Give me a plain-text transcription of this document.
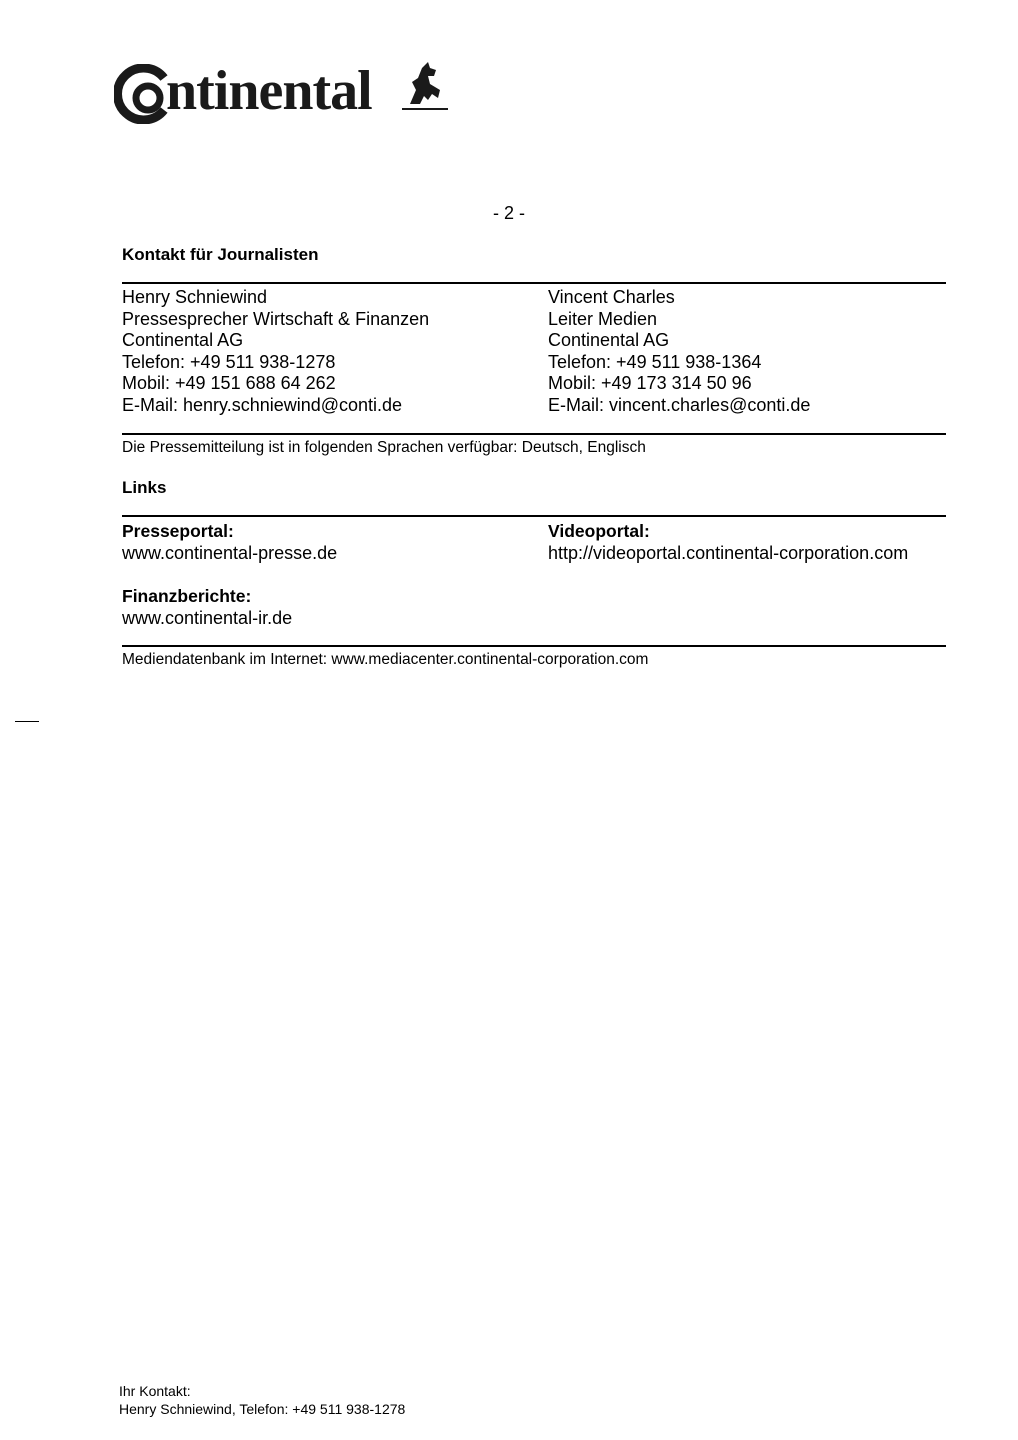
ntinental
- 2 -
Kontakt für Journalisten
Henry Schniewind
Pressesprecher Wirtschaft & Finanzen
Continental AG
Telefon: +49 511 938-1278
Mobil: +49 151 688 64 262
E-Mail: henry.schniewind@conti.de
Vincent Charles
Leiter Medien
Continental AG
Telefon: +49 511 938-1364
Mobil: +49 173 314 50 96
E-Mail: vincent.charles@conti.de
Die Pressemitteilung ist in folgenden Sprachen verfügbar: Deutsch, Englisch
Links
Presseportal:
www.continental-presse.de
Videoportal:
http://videoportal.continental-corporation.com
Finanzberichte:
www.continental-ir.de
Mediendatenbank im Internet: www.mediacenter.continental-corporation.com
Ihr Kontakt:
Henry Schniewind, Telefon: +49 511 938-1278
